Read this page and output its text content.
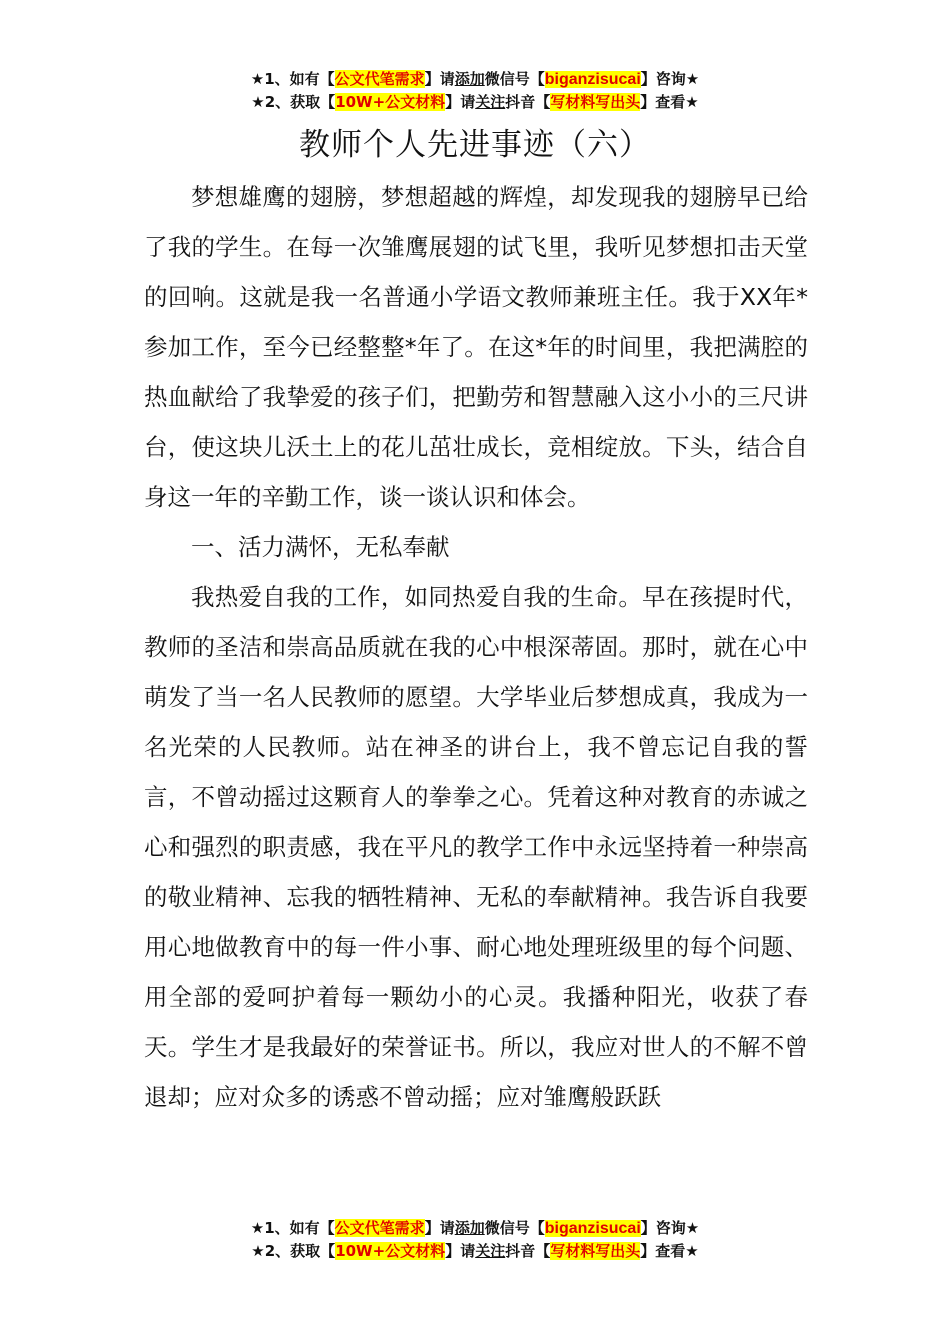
★1、如有【公文代笔需求】请添加微信号【biganzisucai】咨询★
★2、获取【10W+公文材料】请关注抖音【写材料写出头】查看★
教师个人先进事迹（六）

梦想雄鹰的翅膀，梦想超越的辉煌，却发现我的翅膀早已给了我的学生。在每一次雏鹰展翅的试飞里，我听见梦想扣击天堂的回响。这就是我一名普通小学语文教师兼班主任。我于XX年*参加工作，至今已经整整*年了。在这*年的时间里，我把满腔的热血献给了我挚爱的孩子们，把勤劳和智慧融入这小小的三尺讲台，使这块儿沃土上的花儿茁壮成长，竞相绽放。下头，结合自身这一年的辛勤工作，谈一谈认识和体会。

一、活力满怀，无私奉献

我热爱自我的工作，如同热爱自我的生命。早在孩提时代，教师的圣洁和崇高品质就在我的心中根深蒂固。那时，就在心中萌发了当一名人民教师的愿望。大学毕业后梦想成真，我成为一名光荣的人民教师。站在神圣的讲台上，我不曾忘记自我的誓言，不曾动摇过这颗育人的拳拳之心。凭着这种对教育的赤诚之心和强烈的职责感，我在平凡的教学工作中永远坚持着一种崇高的敬业精神、忘我的牺牲精神、无私的奉献精神。我告诉自我要用心地做教育中的每一件小事、耐心地处理班级里的每个问题、用全部的爱呵护着每一颗幼小的心灵。我播种阳光，收获了春天。学生才是我最好的荣誉证书。所以，我应对世人的不解不曾退却；应对众多的诱惑不曾动摇；应对雏鹰般跃跃

★1、如有【公文代笔需求】请添加微信号【biganzisucai】咨询★
★2、获取【10W+公文材料】请关注抖音【写材料写出头】查看★
